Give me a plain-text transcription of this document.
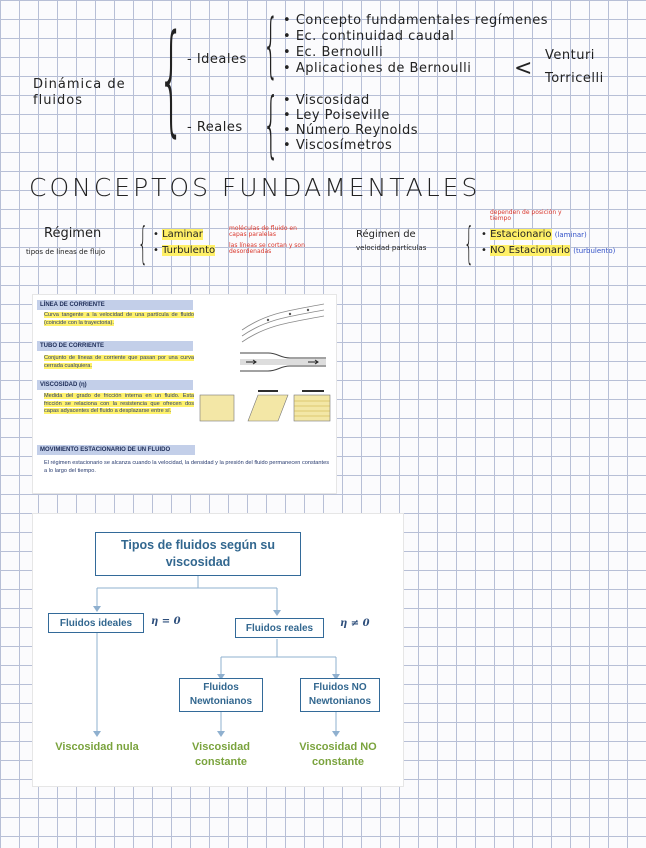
Dinámica de fluidos { - Ideales { • Concepto fundamentales regímenes
• Ec. continuidad caudal
• Ec. Bernoulli
• Aplicaciones de Bernoulli	<
Venturi
Torricelli
- Reales { • Viscosidad
• Ley Poiseville
• Número Reynolds
• Viscosímetros
CONCEPTOS FUNDAMENTALES
Régimen
tipos de líneas de flujo { • Laminar
moléculas de fluido en capas paralelas
• Turbulento las líneas se cortan y son desordenadas
Régimen de
velocidad partículas {
dependen de posición y tiempo
• Estacionario (laminar)
• NO Estacionario (turbulento)
LÍNEA DE CORRIENTE
Curva tangente a la velocidad de una partícula de fluido (coincide con la trayectoria).
TUBO DE CORRIENTE
Conjunto de líneas de corriente que pasan por una curva cerrada cualquiera.
VISCOSIDAD (η)
Medida del grado de fricción interna en un fluido. Esta fricción se relaciona con la resistencia que ofrecen dos capas adyacentes del fluido a desplazarse entre sí.
MOVIMIENTO ESTACIONARIO DE UN FLUIDO
El régimen estacionario se alcanza cuando la velocidad, la densidad y la presión del fluido permanecen constantes a lo largo del tiempo.
Tipos de fluidos según su viscosidad
Fluidos ideales	η = 0
Fluidos reales	η ≠ 0
Fluidos Newtonianos
Fluidos NO Newtonianos
Viscosidad nula	Viscosidad constante
Viscosidad NO constante
